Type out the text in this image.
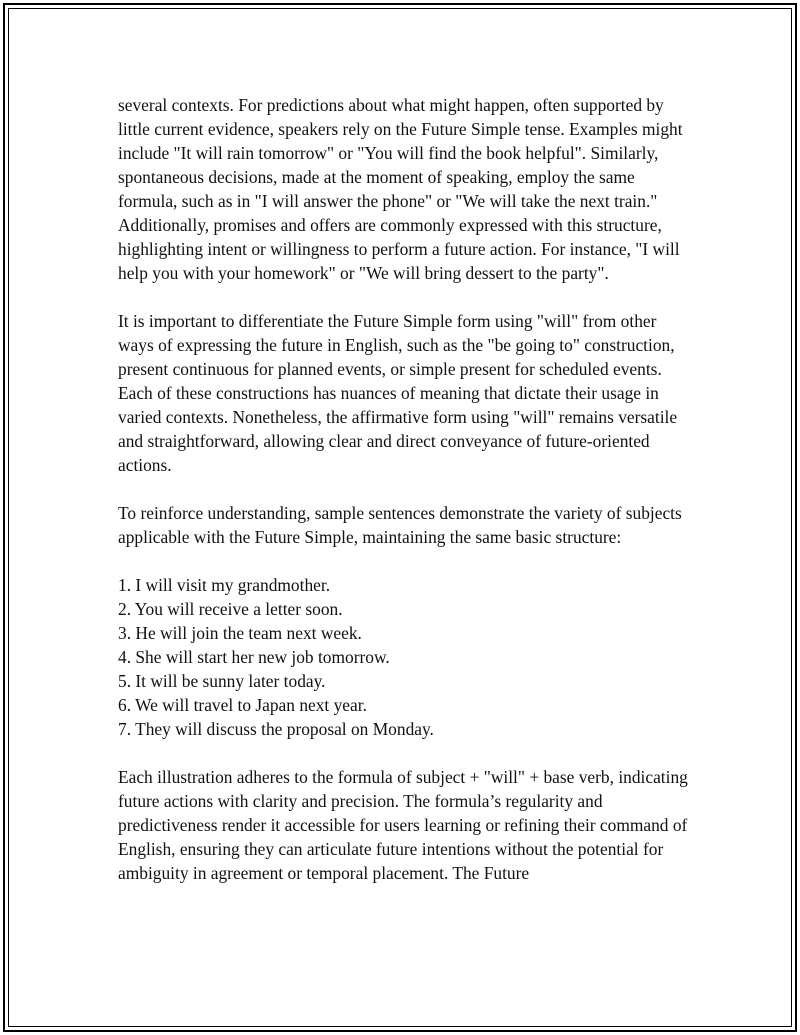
several contexts. For predictions about what might happen, often supported by little current evidence, speakers rely on the Future Simple tense. Examples might include "It will rain tomorrow" or "You will find the book helpful". Similarly, spontaneous decisions, made at the moment of speaking, employ the same formula, such as in "I will answer the phone" or "We will take the next train." Additionally, promises and offers are commonly expressed with this structure, highlighting intent or willingness to perform a future action. For instance, "I will help you with your homework" or "We will bring dessert to the party".

It is important to differentiate the Future Simple form using "will" from other ways of expressing the future in English, such as the "be going to" construction, present continuous for planned events, or simple present for scheduled events. Each of these constructions has nuances of meaning that dictate their usage in varied contexts. Nonetheless, the affirmative form using "will" remains versatile and straightforward, allowing clear and direct conveyance of future-oriented actions.

To reinforce understanding, sample sentences demonstrate the variety of subjects applicable with the Future Simple, maintaining the same basic structure:

1. I will visit my grandmother.
2. You will receive a letter soon.
3. He will join the team next week.
4. She will start her new job tomorrow.
5. It will be sunny later today.
6. We will travel to Japan next year.
7. They will discuss the proposal on Monday.

Each illustration adheres to the formula of subject + "will" + base verb, indicating future actions with clarity and precision. The formula’s regularity and predictiveness render it accessible for users learning or refining their command of English, ensuring they can articulate future intentions without the potential for ambiguity in agreement or temporal placement. The Future
